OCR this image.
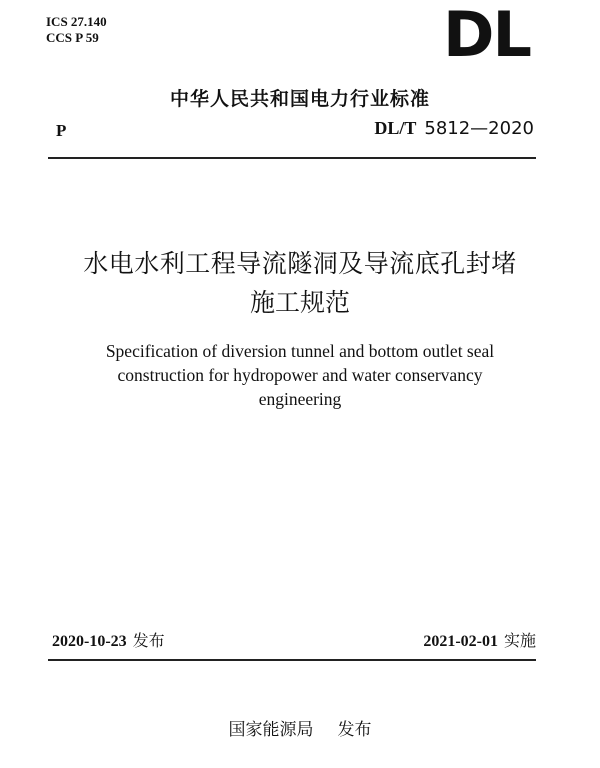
ICS 27.140
CCS P 59	DL
中华人民共和国电力行业标准
P	DL/T 5812—2020
水电水利工程导流隧洞及导流底孔封堵
施工规范
Specification of diversion tunnel and bottom outlet seal
construction for hydropower and water conservancy
engineering
2020-10-23 发布	2021-02-01 实施
国家能源局 发布
